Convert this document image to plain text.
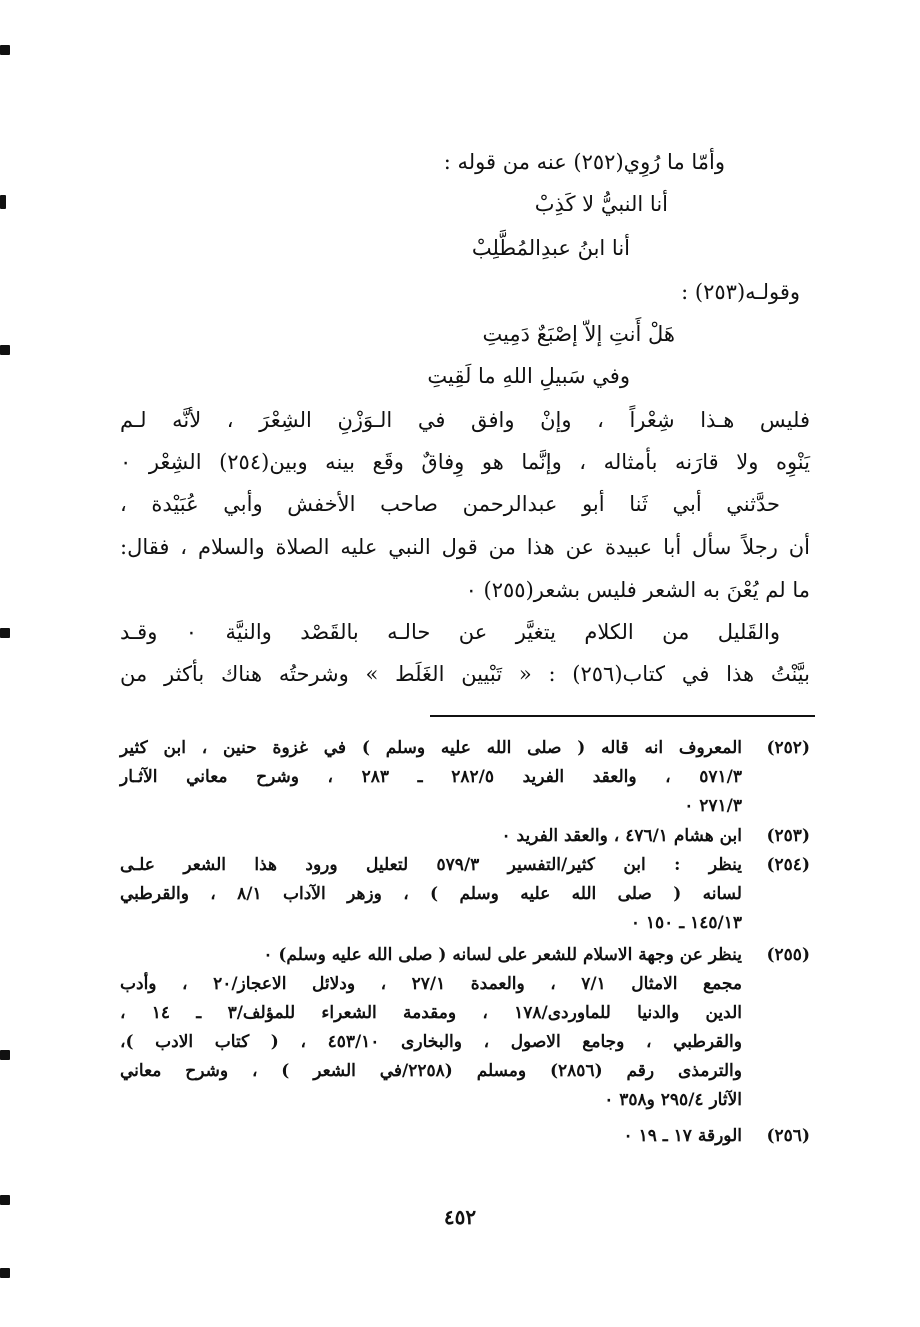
وأمّا ما رُوِي(٢٥٢) عنه من قوله :
أنا النبيُّ لا كَذِبْ
أنا ابنُ عبدِالمُطَّلِبْ
وقولـه(٢٥٣) :
هَلْ أَنتِ إلاّ إصْبَعٌ دَمِيتِ
وفي سَبيلِ اللهِ ما لَقِيتِ
فليس هـذا شِعْراً ، وإنْ وافق في الـوَزْنِ الشِعْرَ ، لأنَّه لـم
يَنْوِه ولا قارَنه بأمثاله ، وإنَّما هو وِفاقٌ وقَع بينه وبين(٢٥٤) الشِعْر ٠
حدَّثني أبي ثَنا أبو عبدالرحمن صاحب الأخفش وأبي عُبَيْدة ،
أن رجلاً سأل أبا عبيدة عن هذا من قول النبي عليه الصلاة والسلام ، فقال:
ما لم يُعْنَ به الشعر فليس بشعر(٢٥٥) ٠
والقَليل من الكلام يتغيَّر عن حالـه بالقَصْد والنيَّة ٠ وقـد
بيَّنْتُ هذا في كتاب(٢٥٦) : « تَبْيين الغَلَط » وشرحتُه هناك بأكثر من
(٢٥٢)
المعروف انه قاله ( صلى الله عليه وسلم ) في غزوة حنين ، ابن كثير
٥٧١/٣ ، والعقد الفريد ٢٨٢/٥ ـ ٢٨٣ ، وشرح معاني الآثـار
٢٧١/٣ ٠
(٢٥٣)
ابن هشام ٤٧٦/١ ، والعقد الفريد ٠
(٢٥٤)
ينظر : ابن كثير/التفسير ٥٧٩/٣ لتعليل ورود هذا الشعر علـى
لسانه ( صلى الله عليه وسلم ) ، وزهر الآداب ٨/١ ، والقرطبي
١٤٥/١٣ ـ ١٥٠ ٠
(٢٥٥)
ينظر عن وجهة الاسلام للشعر على لسانه ( صلى الله عليه وسلم) ٠
مجمع الامثال ٧/١ ، والعمدة ٢٧/١ ، ودلائل الاعجاز/٢٠ ، وأدب
الدين والدنيا للماوردى/١٧٨ ، ومقدمة الشعراء للمؤلف/٣ ـ ١٤ ،
والقرطبي ، وجامع الاصول ، والبخارى ٤٥٣/١٠ ، ( كتاب الادب )،
والترمذى رقم (٢٨٥٦) ومسلم (٢٢٥٨/في الشعر ) ، وشرح معاني
الآثار ٢٩٥/٤ و٣٥٨ ٠
(٢٥٦)
الورقة ١٧ ـ ١٩ ٠
٤٥٢
